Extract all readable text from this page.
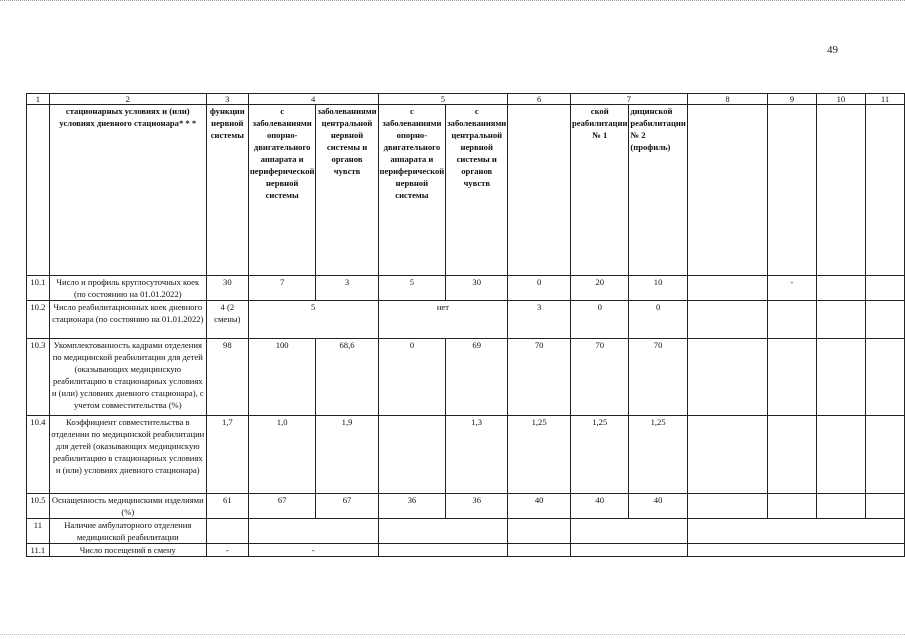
49
1	2	3	4		5		6	7		8	9	10	11
	стационарных условиях и (или) условиях дневного стационара* * *	функции нервной системы	с заболеваниями опорно-двигательного аппарата и периферической нервной системы	заболеваниями центральной нервной системы и органов чувств	с заболеваниями опорно-двигательного аппарата и периферической нервной системы	с заболеваниями центральной нервной системы и органов чувств		ской реабилитации № 1	дицинской реабилитации № 2 (профиль)				
10.1	Число и профиль круглосуточных коек (по состоянию на 01.01.2022)	30	7	3	5	30	0	20	10		-		
10.2	Число реабилитационных коек дневного стационара (по состоянию на 01.01.2022)	4 (2 смены)	5		нет		3	0	0				
10.3	Укомплектованность кадрами отделения по медицинской реабилитации для детей (оказывающих медицинскую реабилитацию в стационарных условиях и (или) условиях дневного стационара), с учетом совместительства (%)	98	100	68,6	0	69	70	70	70				
10.4	Коэффициент совместительства в отделении по медицинской реабилитации для детей (оказывающих медицинскую реабилитацию в стационарных условиях и (или) условиях дневного стационара)	1,7	1,0	1,9		1,3	1,25	1,25	1,25				
10.5	Оснащенность медицинскими изделиями (%)	61	67	67	36	36	40	40	40				
11	Наличие амбулаторного отделения медицинской реабилитации												
11.1	Число посещений в смену	-	-										
